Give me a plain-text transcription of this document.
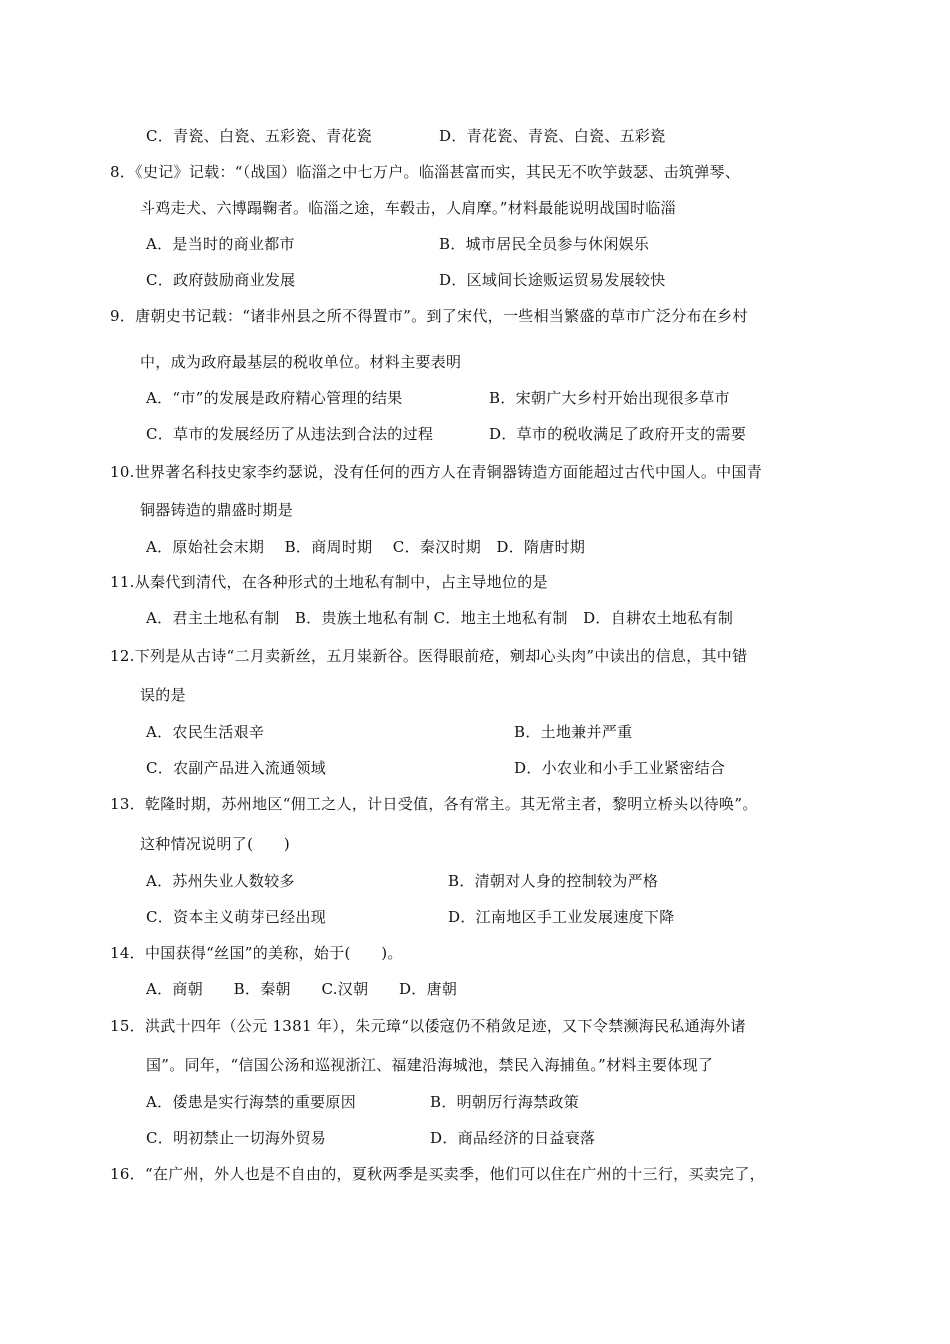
C．青瓷、白瓷、五彩瓷、青花瓷	D．青花瓷、青瓷、白瓷、五彩瓷
8．《史记》记载：“（战国）临淄之中七万户。临淄甚富而实，其民无不吹竽鼓瑟、击筑弹琴、
斗鸡走犬、六博蹋鞠者。临淄之途，车毂击，人肩摩。”材料最能说明战国时临淄
A．是当时的商业都市	B．城市居民全员参与休闲娱乐
C．政府鼓励商业发展	D．区域间长途贩运贸易发展较快
9．唐朝史书记载：“诸非州县之所不得置市”。到了宋代，一些相当繁盛的草市广泛分布在乡村
中，成为政府最基层的税收单位。材料主要表明
A．“市”的发展是政府精心管理的结果	B．宋朝广大乡村开始出现很多草市
C．草市的发展经历了从违法到合法的过程	D．草市的税收满足了政府开支的需要
10.世界著名科技史家李约瑟说，没有任何的西方人在青铜器铸造方面能超过古代中国人。中国青
铜器铸造的鼎盛时期是
A．原始社会末期　 B．商周时期　 C．秦汉时期　D．隋唐时期
11.从秦代到清代，在各种形式的土地私有制中，占主导地位的是
A．君主土地私有制　B．贵族土地私有制 C．地主土地私有制　D．自耕农土地私有制
12.下列是从古诗“二月卖新丝，五月粜新谷。医得眼前疮，剜却心头肉”中读出的信息，其中错
误的是
A．农民生活艰辛	B．土地兼并严重
C．农副产品进入流通领域	D．小农业和小手工业紧密结合
13．乾隆时期，苏州地区“佣工之人，计日受值，各有常主。其无常主者，黎明立桥头以待唤”。
这种情况说明了(　　)
A．苏州失业人数较多	B．清朝对人身的控制较为严格
C．资本主义萌芽已经出现	D．江南地区手工业发展速度下降
14．中国获得“丝国”的美称，始于(　　)。
A．商朝　　B．秦朝　　C.汉朝　　D．唐朝
15．洪武十四年（公元 1381 年），朱元璋“以倭寇仍不稍敛足迹，又下令禁濒海民私通海外诸
国”。同年，“信国公汤和巡视浙江、福建沿海城池，禁民入海捕鱼。”材料主要体现了
A．倭患是实行海禁的重要原因	B．明朝厉行海禁政策
C．明初禁止一切海外贸易	D．商品经济的日益衰落
16．“在广州，外人也是不自由的，夏秋两季是买卖季，他们可以住在广州的十三行，买卖完了，
